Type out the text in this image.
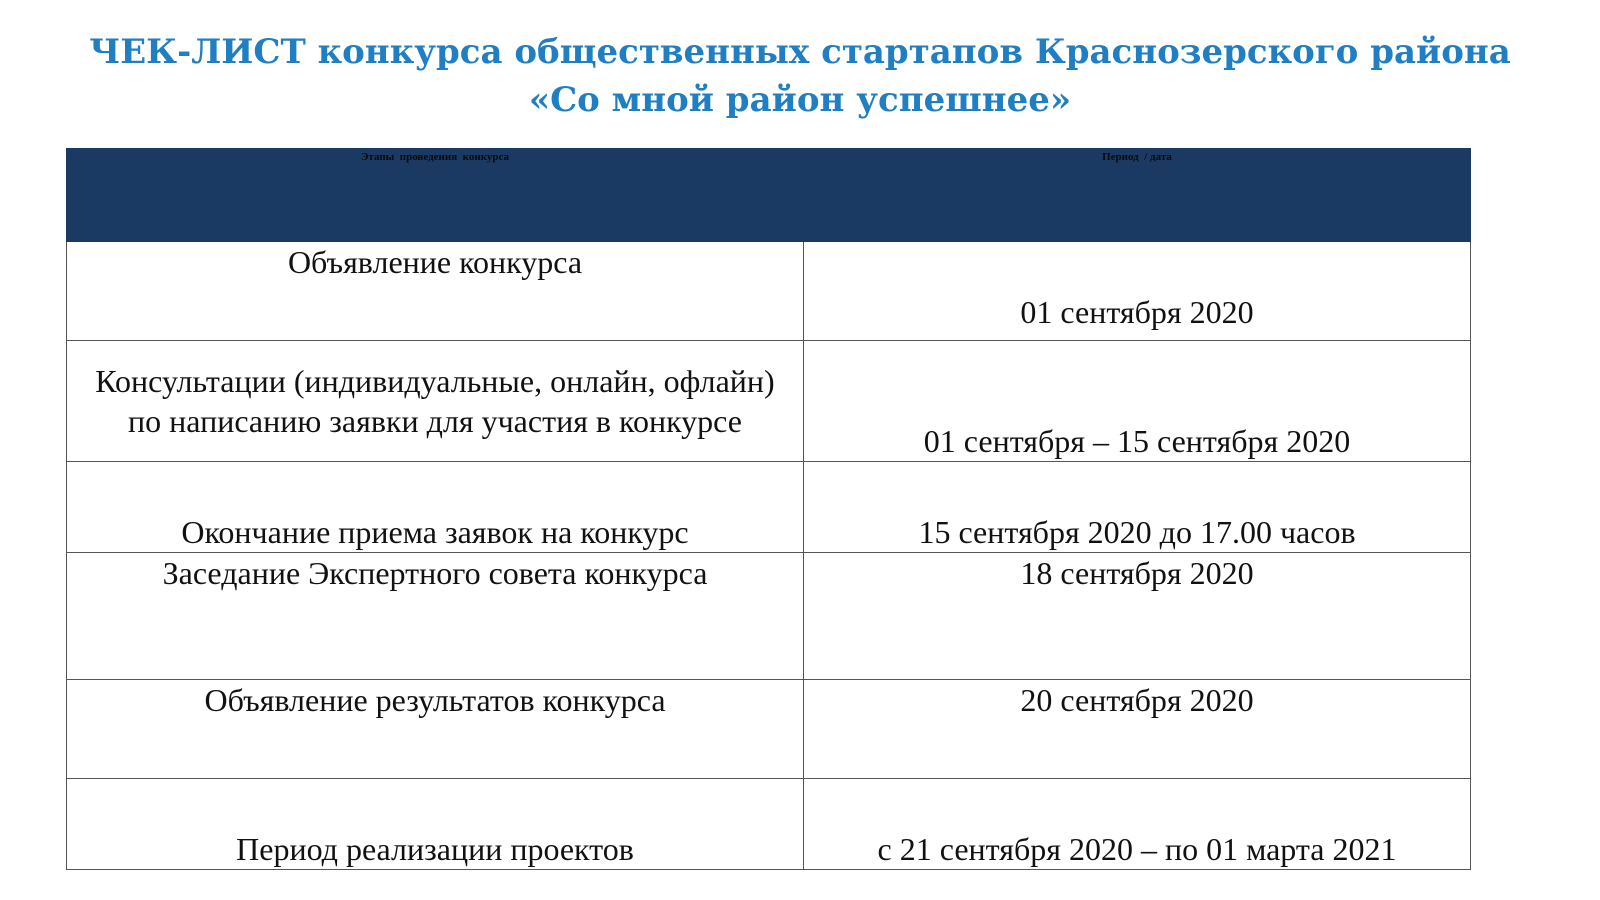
ЧЕК-ЛИСТ конкурса общественных стартапов Краснозерского района
«Со мной район успешнее»
Этапы  проведения  конкурса	Период  / дата
Объявление конкурса	01 сентября 2020
Консультации (индивидуальные, онлайн, офлайн) по написанию заявки для участия в конкурсе	01 сентября – 15 сентября 2020
Окончание приема заявок на конкурс	15 сентября 2020 до 17.00 часов
Заседание Экспертного совета конкурса	18 сентября 2020
Объявление результатов конкурса	20 сентября 2020
Период реализации проектов	с 21 сентября 2020 – по 01 марта 2021
